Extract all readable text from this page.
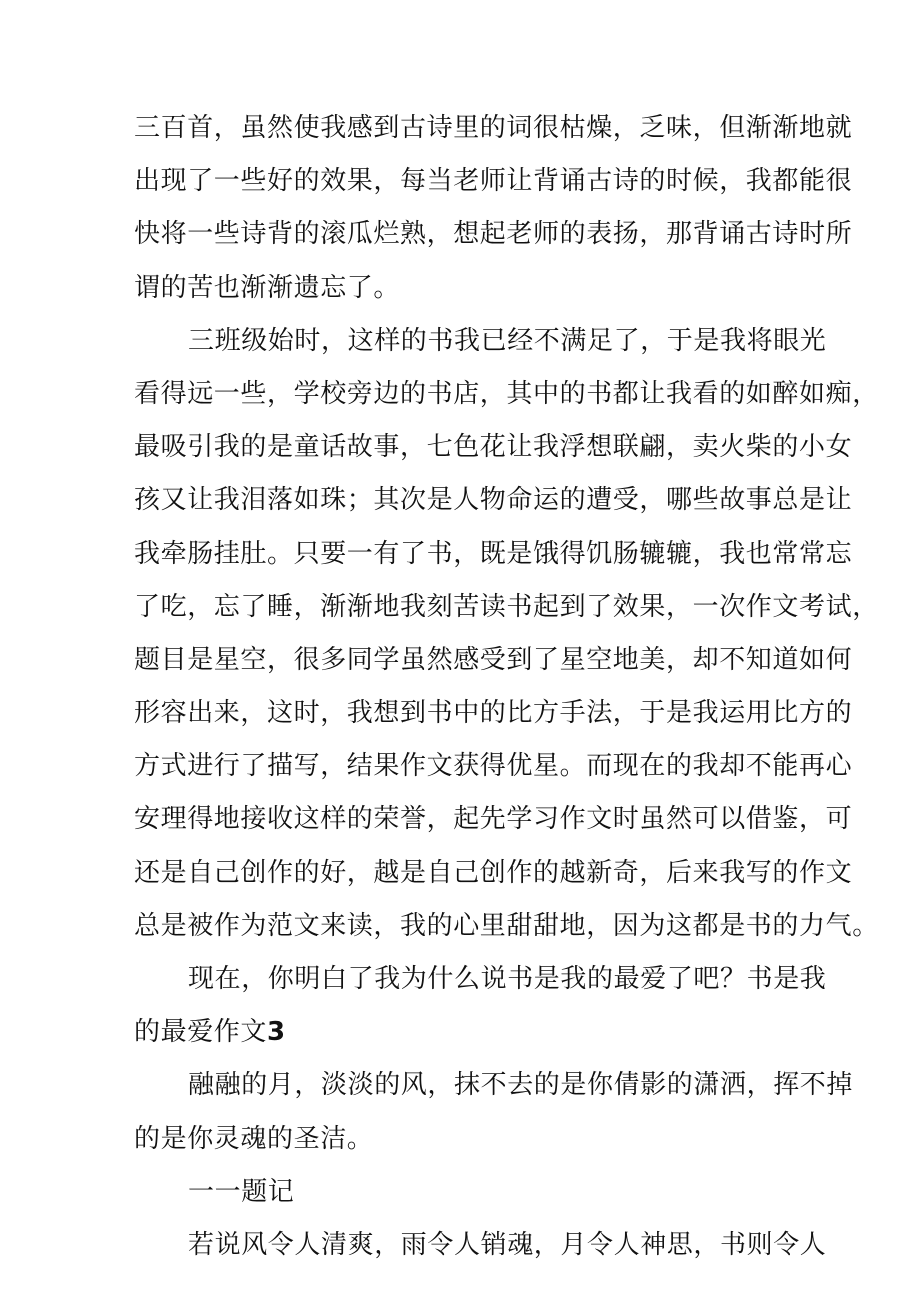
三百首，虽然使我感到古诗里的词很枯燥，乏味，但渐渐地就
出现了一些好的效果，每当老师让背诵古诗的时候，我都能很
快将一些诗背的滚瓜烂熟，想起老师的表扬，那背诵古诗时所
谓的苦也渐渐遗忘了。
三班级始时，这样的书我已经不满足了，于是我将眼光
看得远一些，学校旁边的书店，其中的书都让我看的如醉如痴，
最吸引我的是童话故事，七色花让我浮想联翩，卖火柴的小女
孩又让我泪落如珠；其次是人物命运的遭受，哪些故事总是让
我牵肠挂肚。只要一有了书，既是饿得饥肠辘辘，我也常常忘
了吃，忘了睡，渐渐地我刻苦读书起到了效果，一次作文考试，
题目是星空，很多同学虽然感受到了星空地美，却不知道如何
形容出来，这时，我想到书中的比方手法，于是我运用比方的
方式进行了描写，结果作文获得优星。而现在的我却不能再心
安理得地接收这样的荣誉，起先学习作文时虽然可以借鉴，可
还是自己创作的好，越是自己创作的越新奇，后来我写的作文
总是被作为范文来读，我的心里甜甜地，因为这都是书的力气。
现在，你明白了我为什么说书是我的最爱了吧？书是我
的最爱作文3
融融的月，淡淡的风，抹不去的是你倩影的潇洒，挥不掉
的是你灵魂的圣洁。
一一题记
若说风令人清爽，雨令人销魂，月令人神思，书则令人
